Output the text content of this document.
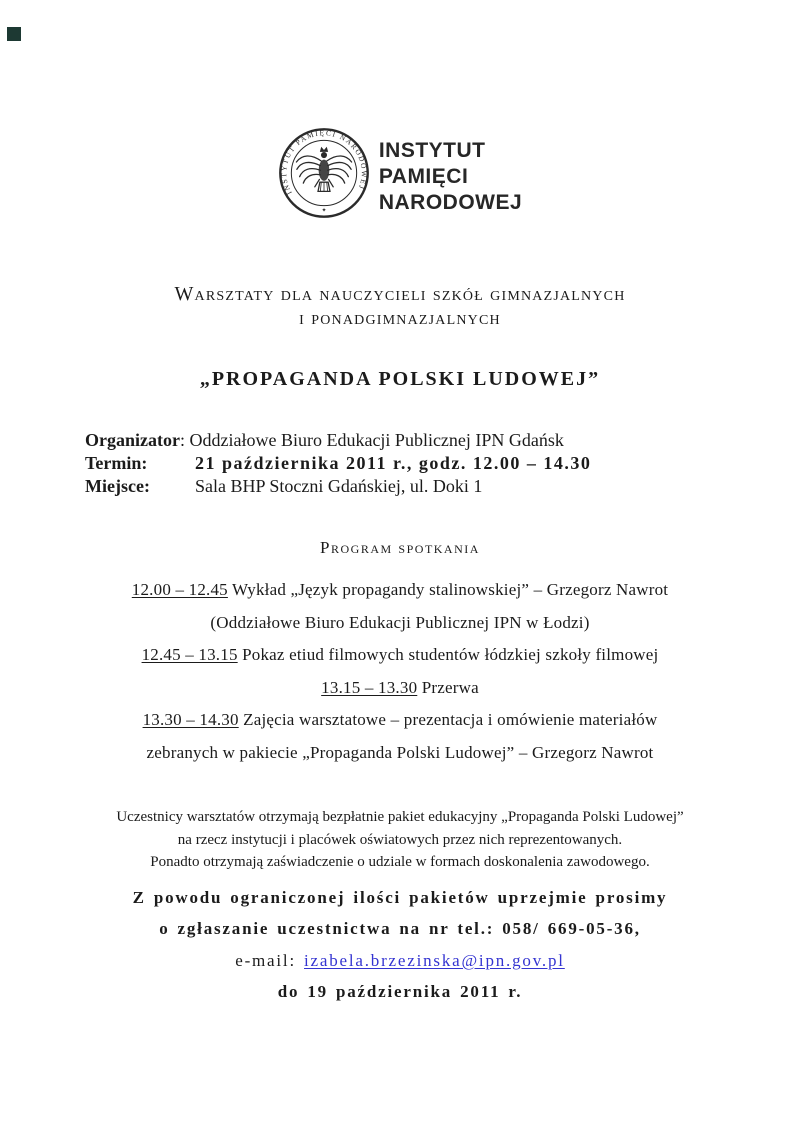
INSTYTUT PAMIĘCI NARODOWEJ
✦
INSTYTUT
PAMIĘCI
NARODOWEJ
Warsztaty dla nauczycieli szkół gimnazjalnych
i ponadgimnazjalnych
„PROPAGANDA POLSKI LUDOWEJ”
Organizator : Oddziałowe Biuro Edukacji Publicznej IPN Gdańsk
Termin:	21 października 2011 r., godz. 12.00 – 14.30
Miejsce:	Sala BHP Stoczni Gdańskiej, ul. Doki 1
Program spotkania
12.00 – 12.45 Wykład „Język propagandy stalinowskiej” – Grzegorz Nawrot
(Oddziałowe Biuro Edukacji Publicznej IPN w Łodzi)
12.45 – 13.15 Pokaz etiud filmowych studentów łódzkiej szkoły filmowej
13.15 – 13.30 Przerwa
13.30 – 14.30 Zajęcia warsztatowe – prezentacja i omówienie materiałów
zebranych w pakiecie „Propaganda Polski Ludowej” – Grzegorz Nawrot
Uczestnicy warsztatów otrzymają bezpłatnie pakiet edukacyjny „Propaganda Polski Ludowej”
na rzecz instytucji i placówek oświatowych przez nich reprezentowanych.
Ponadto otrzymają zaświadczenie o udziale w formach doskonalenia zawodowego.
Z powodu ograniczonej ilości pakietów uprzejmie prosimy
o zgłaszanie uczestnictwa na nr tel.: 058/ 669-05-36,
e-mail: izabela.brzezinska@ipn.gov.pl
do 19 października 2011 r.
